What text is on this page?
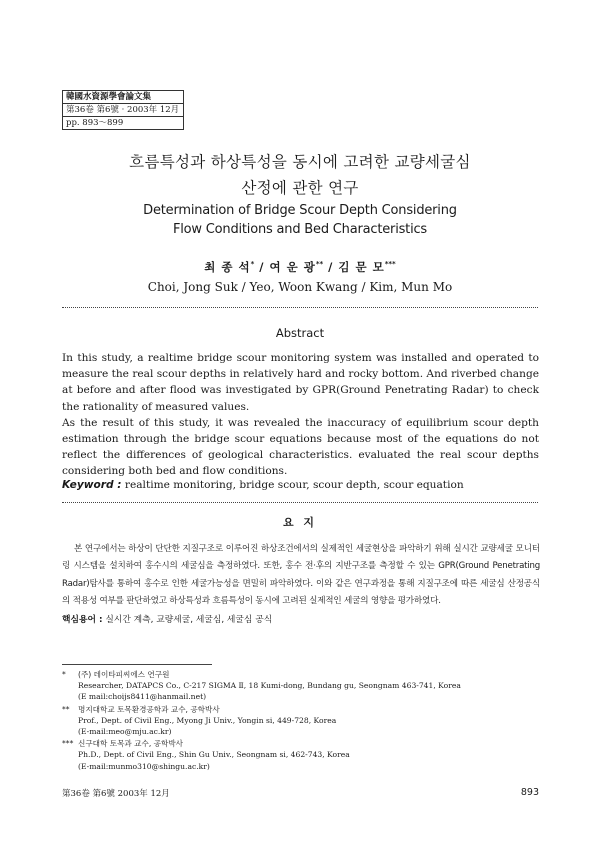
韓國水資源學會論文集
第36卷 第6號 · 2003年 12月
pp. 893～899
흐름특성과 하상특성을 동시에 고려한 교량세굴심
산정에 관한 연구
Determination of Bridge Scour Depth Considering
Flow Conditions and Bed Characteristics
최 종 석* / 여 운 광** / 김 문 모***
Choi, Jong Suk / Yeo, Woon Kwang / Kim, Mun Mo
Abstract

In this study, a realtime bridge scour monitoring system was installed and operated to measure the real scour depths in relatively hard and rocky bottom. And riverbed change at before and after flood was investigated by GPR(Ground Penetrating Radar) to check the rationality of measured values.

As the result of this study, it was revealed the inaccuracy of equilibrium scour depth estimation through the bridge scour equations because most of the equations do not reflect the differences of geological characteristics. evaluated the real scour depths considering both bed and flow conditions.

Keyword : realtime monitoring, bridge scour, scour depth, scour equation
요 지
본 연구에서는 하상이 단단한 지질구조로 이루어진 하상조건에서의 실제적인 세굴현상을 파악하기 위해 실시간 교량세굴 모니터링 시스템을 설치하여 홍수시의 세굴심을 측정하였다. 또한, 홍수 전·후의 지반구조를 측정할 수 있는 GPR(Ground Penetrating Radar)탐사를 통하여 홍수로 인한 세굴가능성을 면밀히 파악하였다. 이와 같은 연구과정을 통해 지질구조에 따른 세굴심 산정공식의 적용성 여부를 판단하였고 하상특성과 흐름특성이 동시에 고려된 실제적인 세굴의 영향을 평가하였다.
핵심용어 : 실시간 계측, 교량세굴, 세굴심, 세굴심 공식
* (주) 데이타피씨에스 연구원
Researcher, DATAPCS Co., C-217 SIGMA Ⅱ, 18 Kumi-dong, Bundang gu, Seongnam 463-741, Korea
(E mail:choijs8411@hanmail.net)
** 명지대학교 토목환경공학과 교수, 공학박사
Prof., Dept. of Civil Eng., Myong Ji Univ., Yongin si, 449-728, Korea
(E-mail:meo@mju.ac.kr)
*** 신구대학 토목과 교수, 공학박사
Ph.D., Dept. of Civil Eng., Shin Gu Univ., Seongnam si, 462-743, Korea
(E-mail:munmo310@shingu.ac.kr)
第36卷 第6號 2003年 12月	893
